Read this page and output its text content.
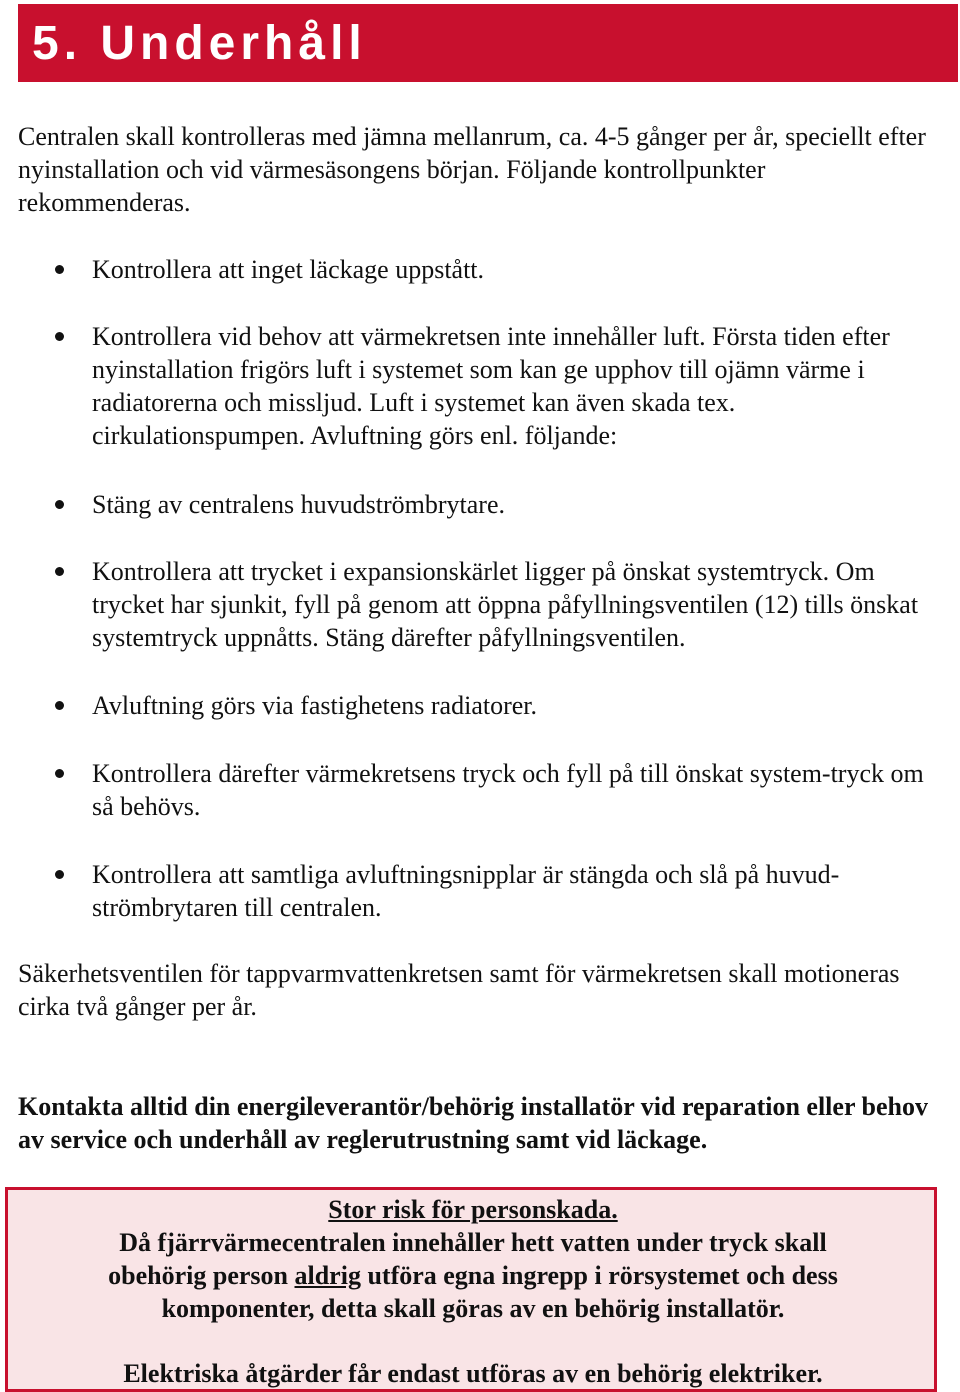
5. Underhåll
Centralen skall kontrolleras med jämna mellanrum, ca. 4-5 gånger per år, speciellt efter nyinstallation och vid värmesäsongens början. Följande kontrollpunkter rekommenderas.
Kontrollera att inget läckage uppstått.
Kontrollera vid behov att värmekretsen inte innehåller luft. Första tiden efter nyinstallation frigörs luft i systemet som kan ge upphov till ojämn värme i radiatorerna och missljud. Luft i systemet kan även skada tex. cirkulationspumpen. Avluftning görs enl. följande:
Stäng av centralens huvudströmbrytare.
Kontrollera att trycket i expansionskärlet ligger på önskat systemtryck. Om trycket har sjunkit, fyll på genom att öppna påfyllningsventilen (12) tills önskat systemtryck uppnåtts. Stäng därefter påfyllningsventilen.
Avluftning görs via fastighetens radiatorer.
Kontrollera därefter värmekretsens tryck och fyll på till önskat system-tryck om så behövs.
Kontrollera att samtliga avluftningsnipplar är stängda och slå på huvud-strömbrytaren till centralen.
Säkerhetsventilen för tappvarmvattenkretsen samt för värmekretsen skall motioneras cirka två gånger per år.
Kontakta alltid din energileverantör/behörig installatör vid reparation eller behov av service och underhåll av reglerutrustning samt vid läckage.
Stor risk för personskada.
Då fjärrvärmecentralen innehåller hett vatten under tryck skall
obehörig person aldrig utföra egna ingrepp i rörsystemet och dess
komponenter, detta skall göras av en behörig installatör.
Elektriska åtgärder får endast utföras av en behörig elektriker.
